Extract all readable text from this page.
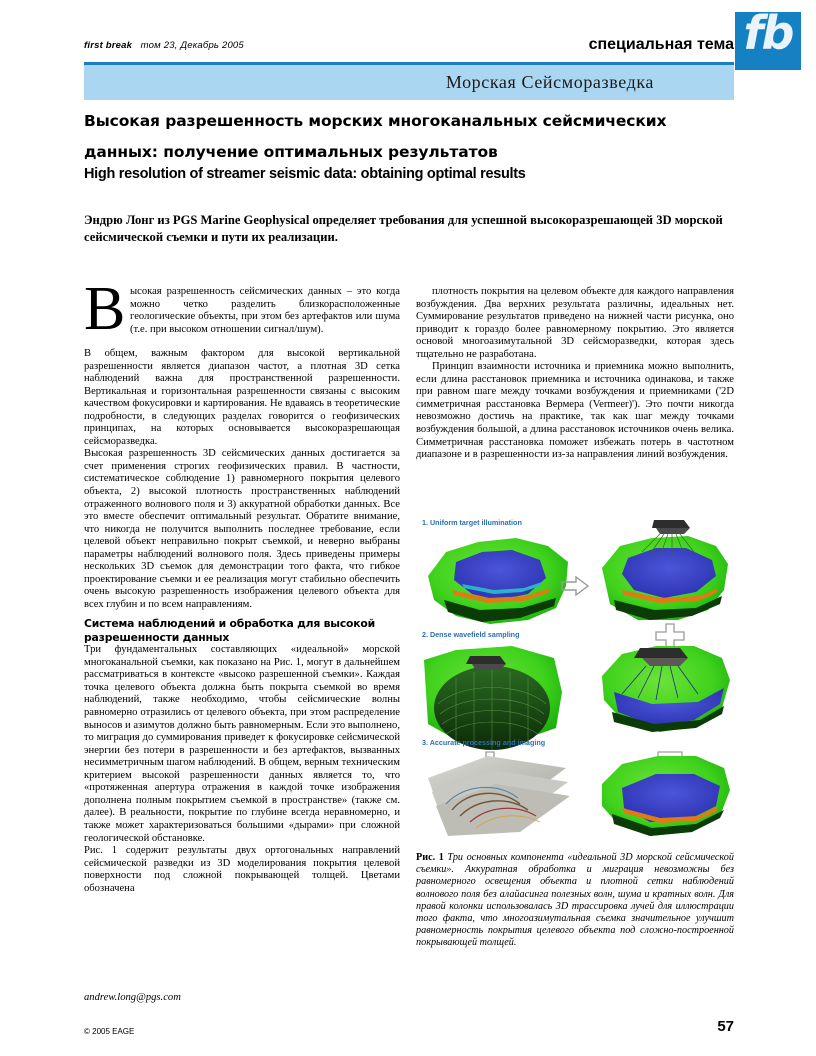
first break том 23, Декабрь 2005	специальная тема
Морская Сейсморазведка
fb
Высокая разрешенность морских многоканальных сейсмических
данных: получение оптимальных результатов
High resolution of streamer seismic data: obtaining optimal results
Эндрю Лонг из PGS Marine Geophysical определяет требования для успешной высокоразрешающей 3D морской сейсмической съемки и пути их реализации.
В ысокая разрешенность сейсмических данных – это когда можно четко разделить близкорасположенные геологические объекты, при этом без артефактов или шума (т.е. при высоком отношении сигнал/шум).

В общем, важным фактором для высокой вертикальной разрешенности является диапазон частот, а плотная 3D сетка наблюдений важна для пространственной разрешенности. Вертикальная и горизонтальная разрешенности связаны с высоким качеством фокусировки и картирования. Не вдаваясь в теоретические подробности, в следующих разделах говорится о геофизических принципах, на которых основывается высокоразрешающая сейсморазведка.

Высокая разрешенность 3D сейсмических данных достигается за счет применения строгих геофизических правил. В частности, систематическое соблюдение 1) равномерного покрытия целевого объекта, 2) высокой плотность пространственных наблюдений отраженного волнового поля и 3) аккуратной обработки данных. Все это вместе обеспечит оптимальный результат. Обратите внимание, что никогда не получится выполнить последнее требование, если целевой объект неправильно покрыт съемкой, и неверно выбраны параметры наблюдений волнового поля. Здесь приведены примеры нескольких 3D съемок для демонстрации того факта, что гибкое проектирование съемки и ее реализация могут стабильно обеспечить очень высокую разрешенность изображения целевого объекта для всех глубин и по всем направлениям.

Система наблюдений и обработка для высокой разрешенности данных

Три фундаментальных составляющих «идеальной» морской многоканальной съемки, как показано на Рис. 1, могут в дальнейшем рассматриваться в контексте «высоко разрешенной съемки». Каждая точка целевого объекта должна быть покрыта съемкой во время наблюдений, также необходимо, чтобы сейсмические волны равномерно отразились от целевого объекта, при этом распределение выносов и азимутов должно быть равномерным. Если это выполнено, то миграция до суммирования приведет к фокусировке сейсмической энергии без потери в разрешенности и без артефактов, вызванных несимметричным шагом наблюдений. В общем, верным техническим критерием высокой разрешенности данных является то, что «протяженная апертура отражения в каждой точке изображения дополнена полным покрытием съемкой в пространстве» (также см. далее). В реальности, покрытие по глубине всегда неравномерно, и также может характеризоваться большими «дырами» при сложной геологической обстановке.

Рис. 1 содержит результаты двух ортогональных направлений сейсмической разведки из 3D моделирования покрытия целевой поверхности под сложной покрывающей толщей. Цветами обозначена

плотность покрытия на целевом объекте для каждого направления возбуждения. Два верхних результата различны, идеальных нет. Суммирование результатов приведено на нижней части рисунка, оно приводит к гораздо более равномерному покрытию. Это является основой многоазимутальной 3D сейсморазведки, которая здесь тщательно не разработана.

Принцип взаимности источника и приемника можно выполнить, если длина расстановок приемника и источника одинакова, и также при равном шаге между точками возбуждения и приемниками ('2D симметричная расстановка Вермера (Vermeer)'). Это почти никогда невозможно достичь на практике, так как шаг между точками возбуждения большой, а длина расстановок источников очень велика. Симметричная расстановка поможет избежать потерь в частотном диапазоне и в разрешенности из-за направления линий возбуждения.

1. Uniform target illumination
2. Dense wavefield sampling
3. Accurate processing and imaging
Рис. 1 Три основных компонента «идеальной 3D морской сейсмической съемки». Аккуратная обработка и миграция невозможны без равномерного освещения объекта и плотной сетки наблюдений волнового поля без алайасинга полезных волн, шума и кратных волн. Для правой колонки использовалась 3D трассировка лучей для иллюстрации того факта, что многоазимутальная съемка значительное улучшит равномерность покрытия целевого объекта под сложно-построенной покрывающей толщей.
andrew.long@pgs.com
© 2005 EAGE	57
